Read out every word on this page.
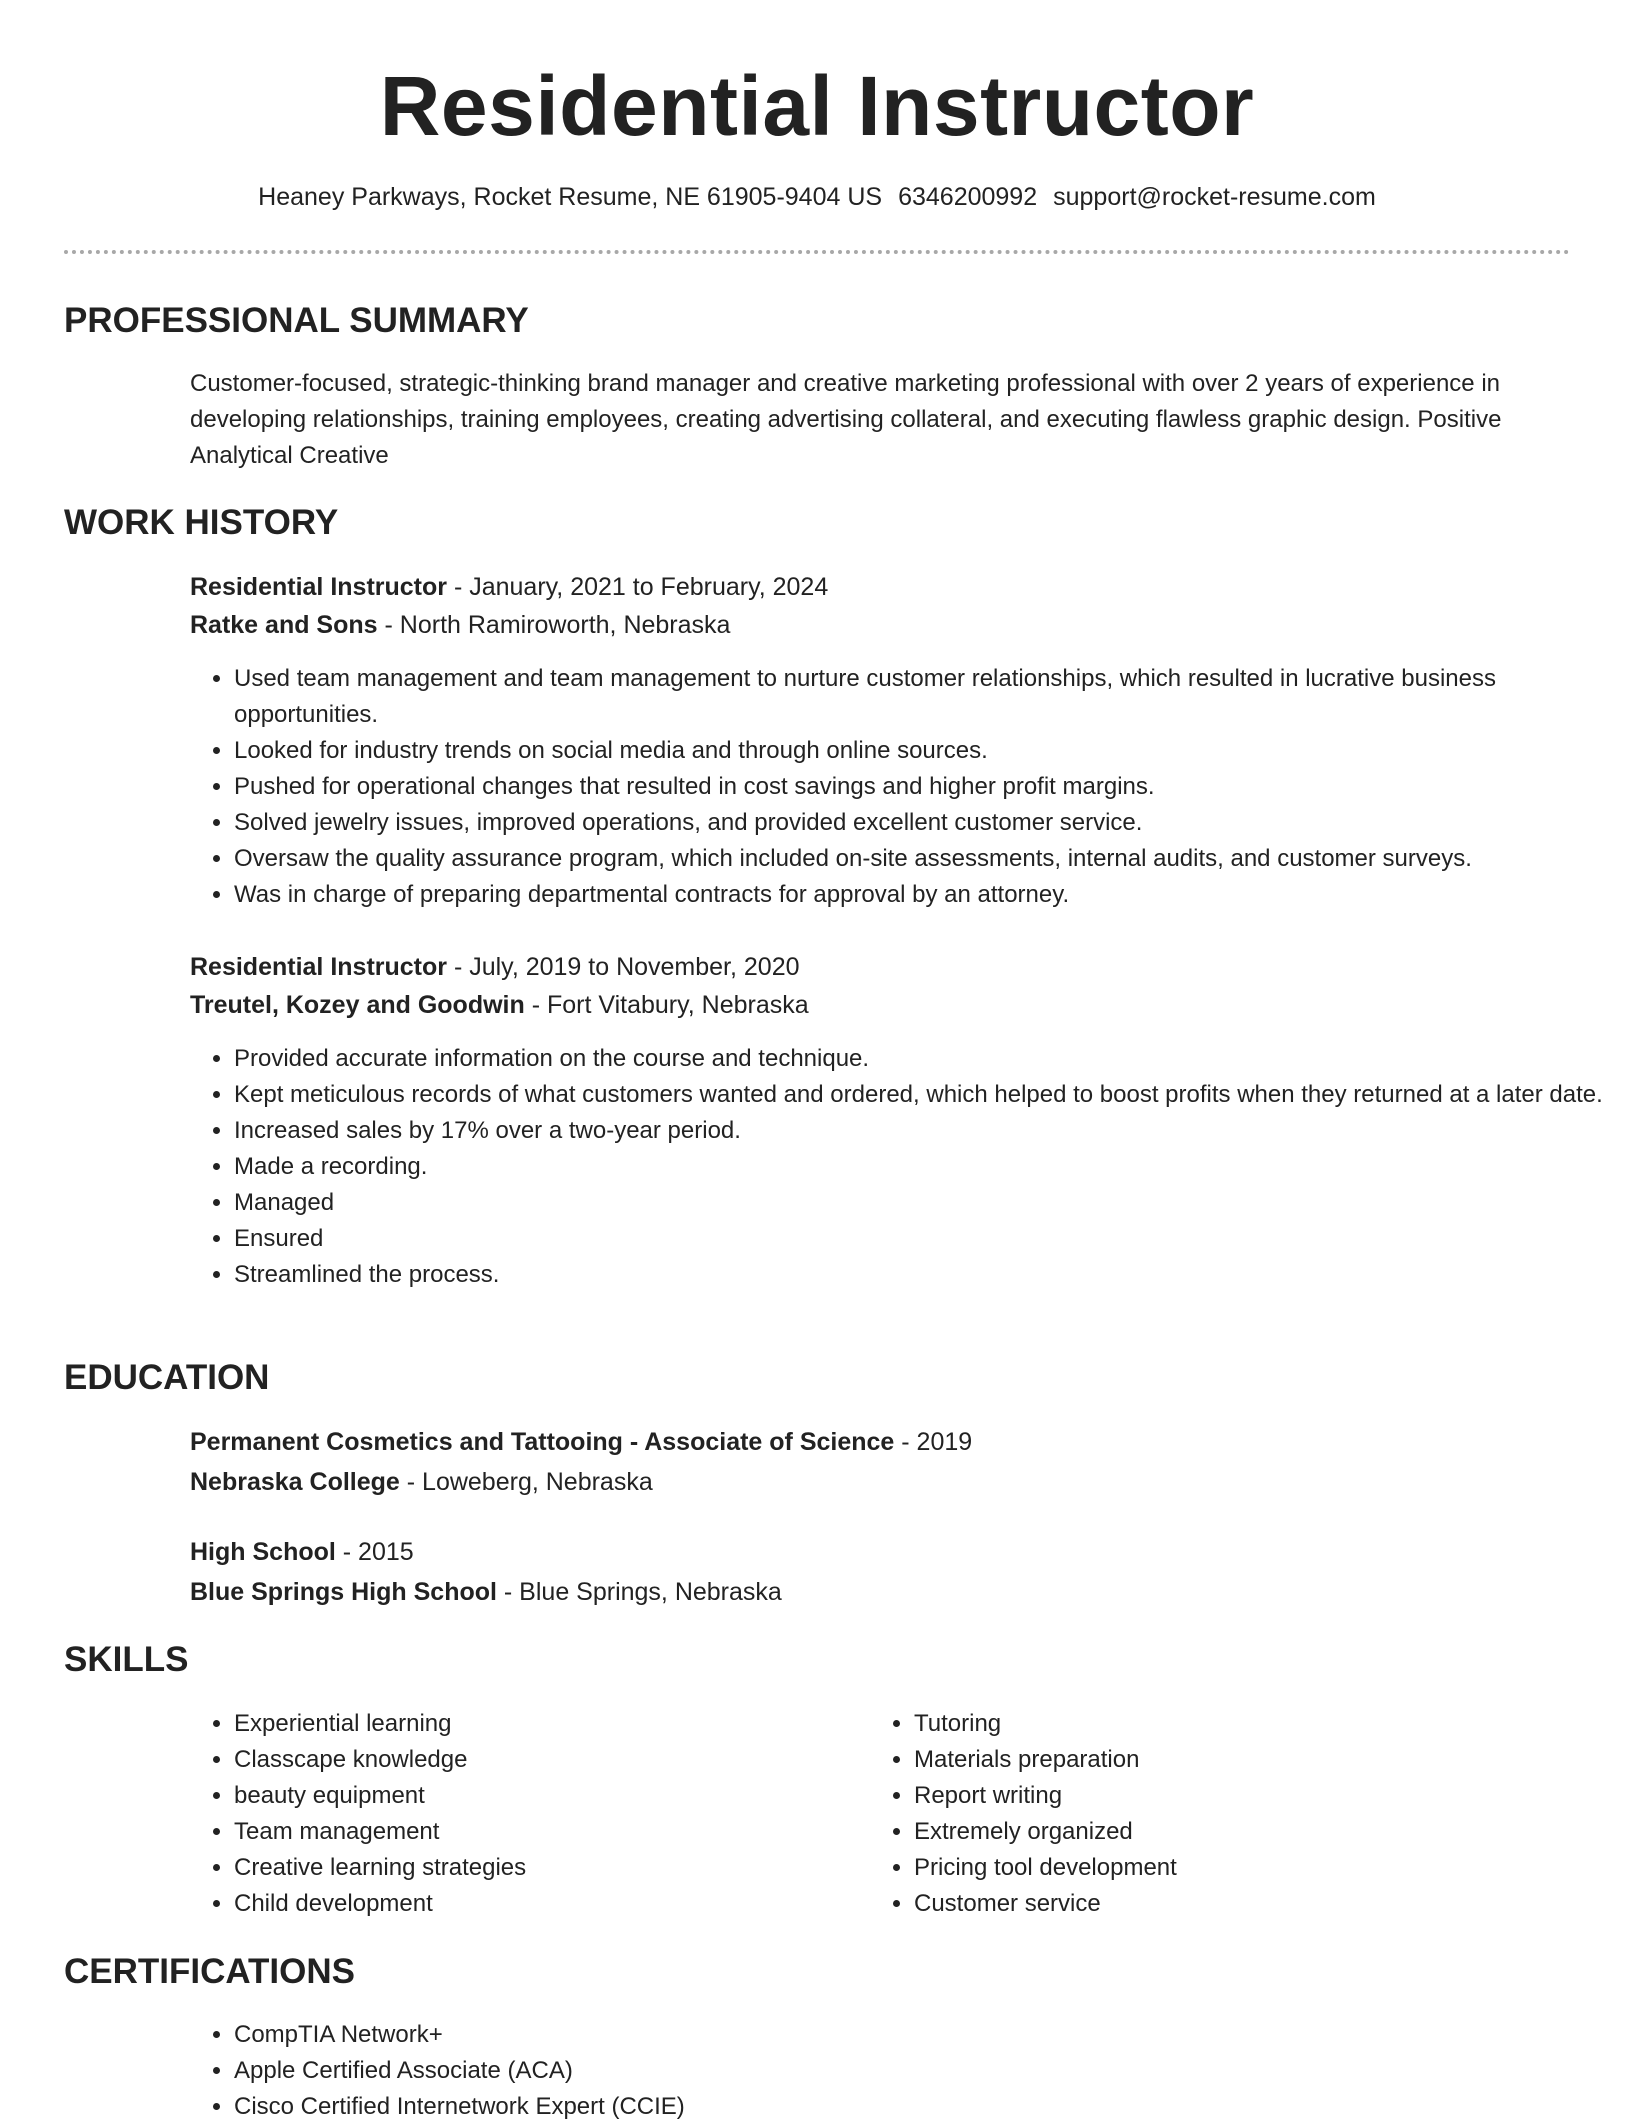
Residential Instructor
Heaney Parkways, Rocket Resume, NE 61905-9404 US 6346200992 support@rocket-resume.com
PROFESSIONAL SUMMARY
Customer-focused, strategic-thinking brand manager and creative marketing professional with over 2 years of experience in developing relationships, training employees, creating advertising collateral, and executing flawless graphic design. Positive Analytical Creative
WORK HISTORY
Residential Instructor - January, 2021 to February, 2024
Ratke and Sons - North Ramiroworth, Nebraska
• Used team management and team management to nurture customer relationships, which resulted in lucrative business opportunities.
• Looked for industry trends on social media and through online sources.
• Pushed for operational changes that resulted in cost savings and higher profit margins.
• Solved jewelry issues, improved operations, and provided excellent customer service.
• Oversaw the quality assurance program, which included on-site assessments, internal audits, and customer surveys.
• Was in charge of preparing departmental contracts for approval by an attorney.
Residential Instructor - July, 2019 to November, 2020
Treutel, Kozey and Goodwin - Fort Vitabury, Nebraska
• Provided accurate information on the course and technique.
• Kept meticulous records of what customers wanted and ordered, which helped to boost profits when they returned at a later date.
• Increased sales by 17% over a two-year period.
• Made a recording.
• Managed
• Ensured
• Streamlined the process.
EDUCATION
Permanent Cosmetics and Tattooing - Associate of Science - 2019
Nebraska College - Loweberg, Nebraska
High School - 2015
Blue Springs High School - Blue Springs, Nebraska
SKILLS
• Experiential learning
• Classcape knowledge
• beauty equipment
• Team management
• Creative learning strategies
• Child development
• Tutoring
• Materials preparation
• Report writing
• Extremely organized
• Pricing tool development
• Customer service
CERTIFICATIONS
• CompTIA Network+
• Apple Certified Associate (ACA)
• Cisco Certified Internetwork Expert (CCIE)
